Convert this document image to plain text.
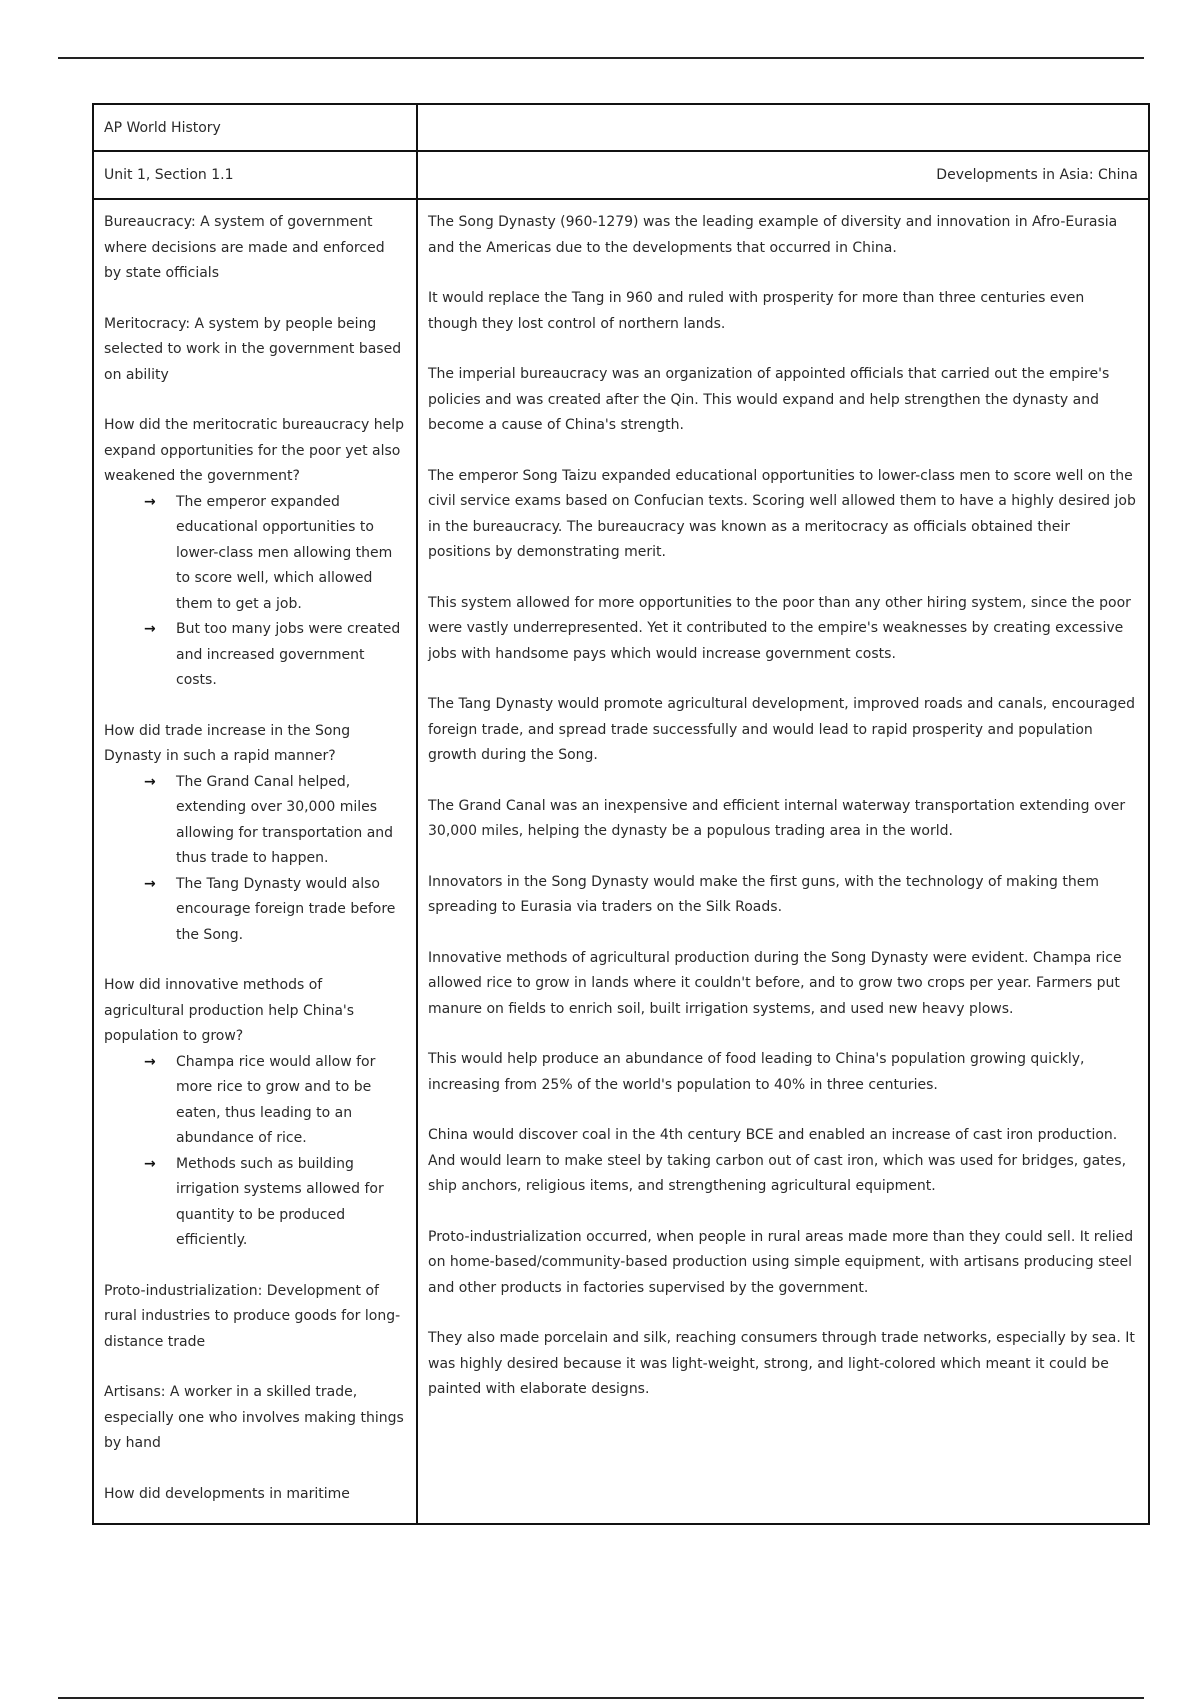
AP World History
Unit 1, Section 1.1	Developments in Asia: China

Bureaucracy: A system of government where decisions are made and enforced by state officials

Meritocracy: A system by people being selected to work in the government based on ability

How did the meritocratic bureaucracy help expand opportunities for the poor yet also weakened the government?

→ The emperor expanded educational opportunities to lower-class men allowing them to score well, which allowed them to get a job.
→ But too many jobs were created and increased government costs.

How did trade increase in the Song Dynasty in such a rapid manner?

→ The Grand Canal helped, extending over 30,000 miles allowing for transportation and thus trade to happen.
→ The Tang Dynasty would also encourage foreign trade before the Song.

How did innovative methods of agricultural production help China's population to grow?

→ Champa rice would allow for more rice to grow and to be eaten, thus leading to an abundance of rice.
→ Methods such as building irrigation systems allowed for quantity to be produced efficiently.

Proto-industrialization: Development of rural industries to produce goods for long-distance trade

Artisans: A worker in a skilled trade, especially one who involves making things by hand

How did developments in maritime

The Song Dynasty (960-1279) was the leading example of diversity and innovation in Afro-Eurasia and the Americas due to the developments that occurred in China.

It would replace the Tang in 960 and ruled with prosperity for more than three centuries even though they lost control of northern lands.

The imperial bureaucracy was an organization of appointed officials that carried out the empire's policies and was created after the Qin. This would expand and help strengthen the dynasty and become a cause of China's strength.

The emperor Song Taizu expanded educational opportunities to lower-class men to score well on the civil service exams based on Confucian texts. Scoring well allowed them to have a highly desired job in the bureaucracy. The bureaucracy was known as a meritocracy as officials obtained their positions by demonstrating merit.

This system allowed for more opportunities to the poor than any other hiring system, since the poor were vastly underrepresented. Yet it contributed to the empire's weaknesses by creating excessive jobs with handsome pays which would increase government costs.

The Tang Dynasty would promote agricultural development, improved roads and canals, encouraged foreign trade, and spread trade successfully and would lead to rapid prosperity and population growth during the Song.

The Grand Canal was an inexpensive and efficient internal waterway transportation extending over 30,000 miles, helping the dynasty be a populous trading area in the world.

Innovators in the Song Dynasty would make the first guns, with the technology of making them spreading to Eurasia via traders on the Silk Roads.

Innovative methods of agricultural production during the Song Dynasty were evident. Champa rice allowed rice to grow in lands where it couldn't before, and to grow two crops per year. Farmers put manure on fields to enrich soil, built irrigation systems, and used new heavy plows.

This would help produce an abundance of food leading to China's population growing quickly, increasing from 25% of the world's population to 40% in three centuries.

China would discover coal in the 4th century BCE and enabled an increase of cast iron production. And would learn to make steel by taking carbon out of cast iron, which was used for bridges, gates, ship anchors, religious items, and strengthening agricultural equipment.

Proto-industrialization occurred, when people in rural areas made more than they could sell. It relied on home-based/community-based production using simple equipment, with artisans producing steel and other products in factories supervised by the government.

They also made porcelain and silk, reaching consumers through trade networks, especially by sea. It was highly desired because it was light-weight, strong, and light-colored which meant it could be painted with elaborate designs.
